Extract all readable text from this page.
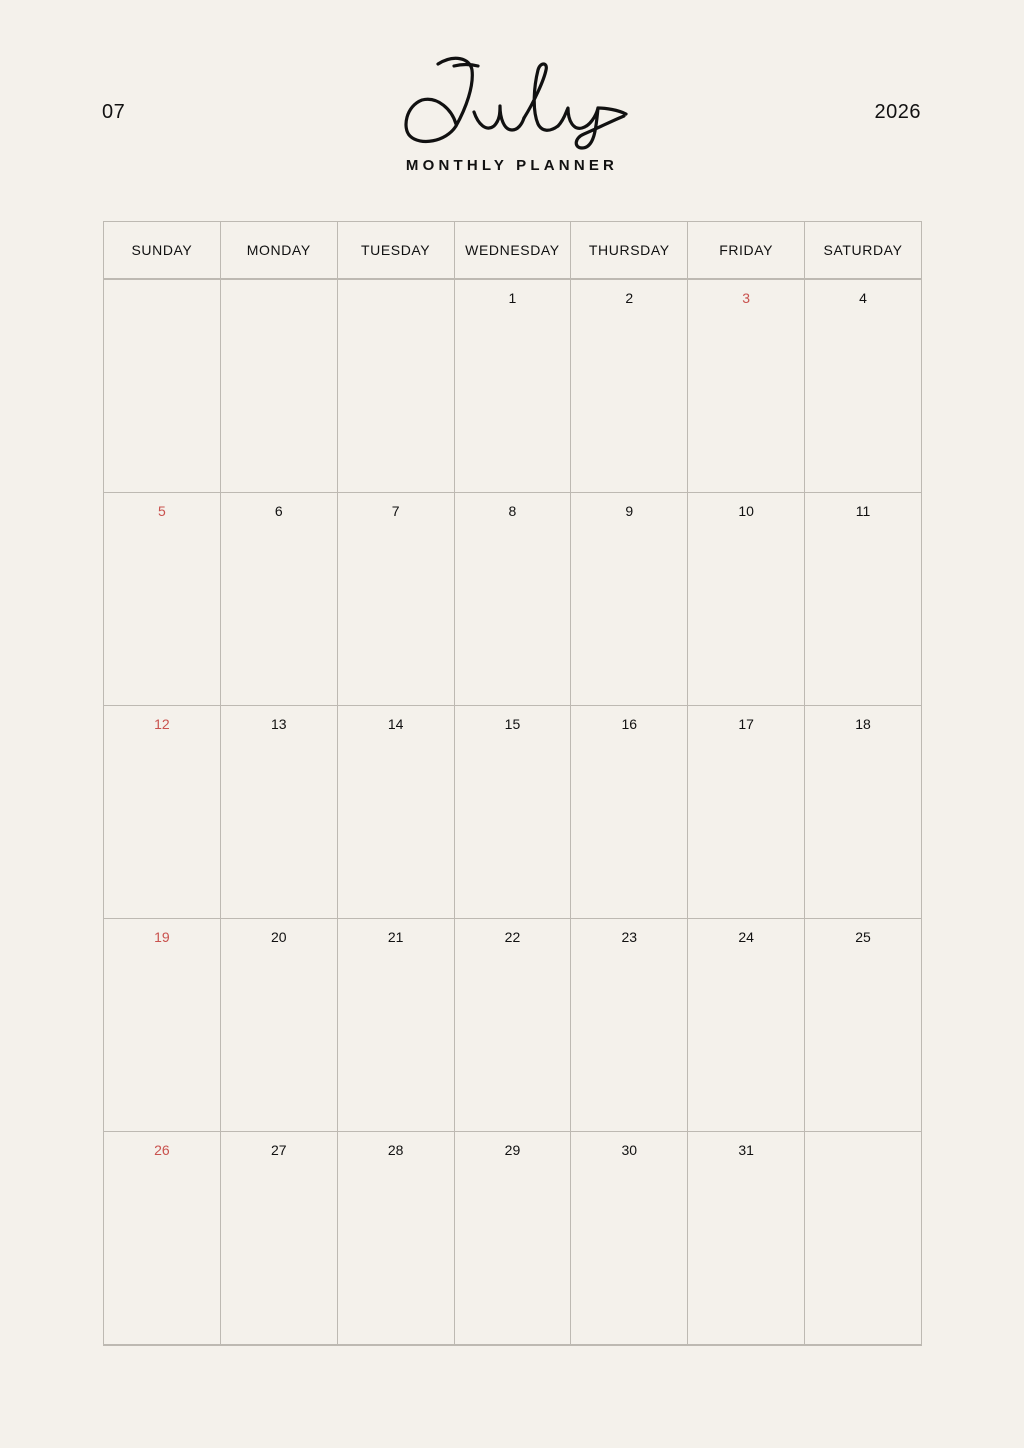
07
MONTHLY PLANNER
2026
SUNDAY	MONDAY	TUESDAY	WEDNESDAY	THURSDAY	FRIDAY	SATURDAY

			1	2	3	4

5	6	7	8	9	10	11

12	13	14	15	16	17	18

19	20	21	22	23	24	25

26	27	28	29	30	31	
